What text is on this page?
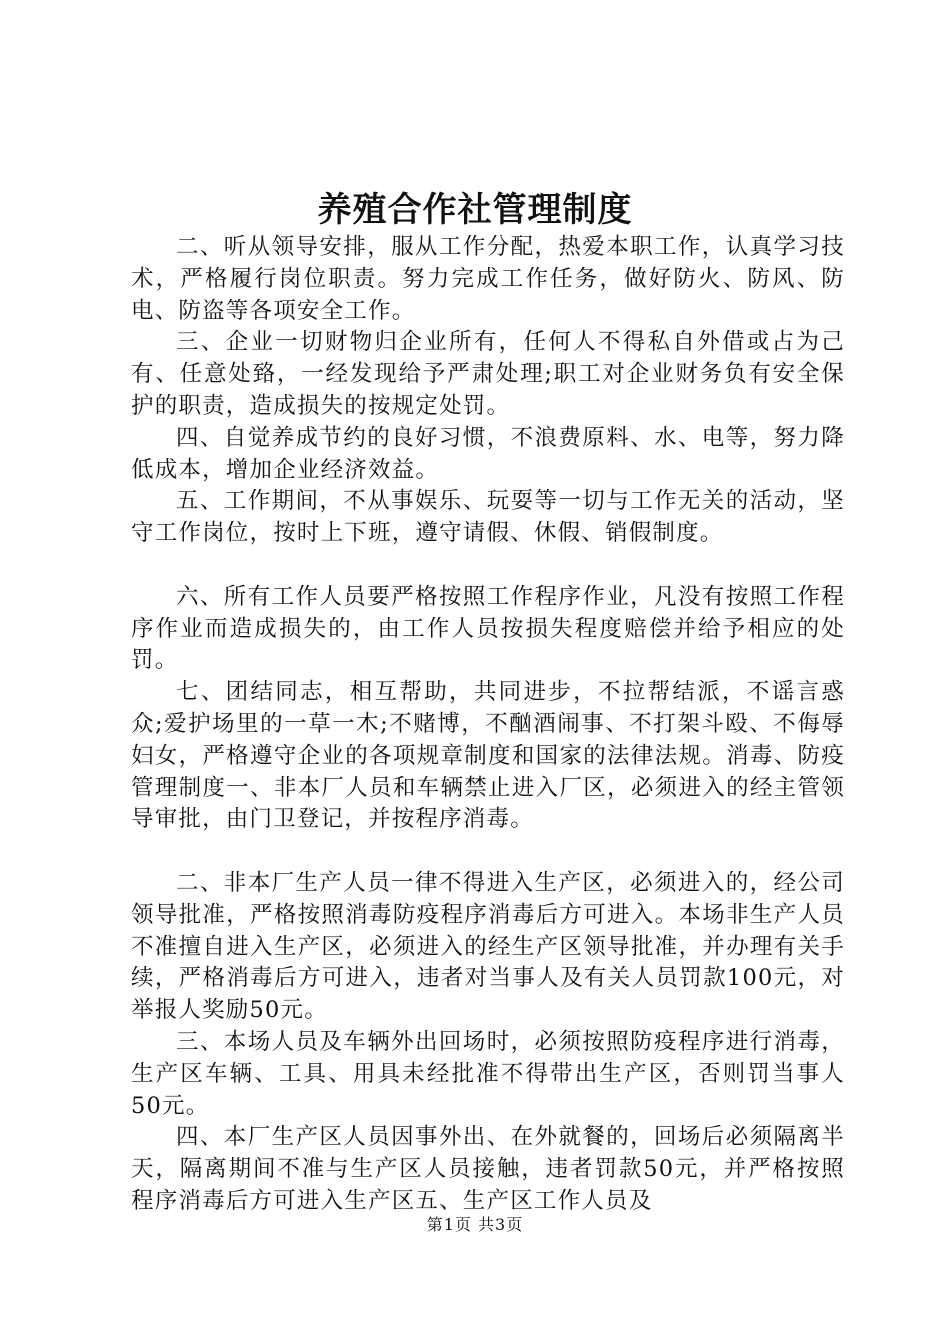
养殖合作社管理制度

二、听从领导安排，服从工作分配，热爱本职工作，认真学习技术，严格履行岗位职责。努力完成工作任务，做好防火、防风、防电、防盗等各项安全工作。

三、企业一切财物归企业所有，任何人不得私自外借或占为己有、任意处臵，一经发现给予严肃处理;职工对企业财务负有安全保护的职责，造成损失的按规定处罚。

四、自觉养成节约的良好习惯，不浪费原料、水、电等，努力降低成本，增加企业经济效益。

五、工作期间，不从事娱乐、玩耍等一切与工作无关的活动，坚守工作岗位，按时上下班，遵守请假、休假、销假制度。

六、所有工作人员要严格按照工作程序作业，凡没有按照工作程序作业而造成损失的，由工作人员按损失程度赔偿并给予相应的处罚。

七、团结同志，相互帮助，共同进步，不拉帮结派，不谣言惑众;爱护场里的一草一木;不赌博，不酗酒闹事、不打架斗殴、不侮辱妇女，严格遵守企业的各项规章制度和国家的法律法规。消毒、防疫管理制度一、非本厂人员和车辆禁止进入厂区，必须进入的经主管领导审批，由门卫登记，并按程序消毒。

二、非本厂生产人员一律不得进入生产区，必须进入的，经公司领导批准，严格按照消毒防疫程序消毒后方可进入。本场非生产人员不准擅自进入生产区，必须进入的经生产区领导批准，并办理有关手续，严格消毒后方可进入，违者对当事人及有关人员罚款100元，对举报人奖励50元。

三、本场人员及车辆外出回场时，必须按照防疫程序进行消毒，生产区车辆、工具、用具未经批准不得带出生产区，否则罚当事人50元。

四、本厂生产区人员因事外出、在外就餐的，回场后必须隔离半天，隔离期间不准与生产区人员接触，违者罚款50元，并严格按照程序消毒后方可进入生产区五、生产区工作人员及

第1页 共3页
